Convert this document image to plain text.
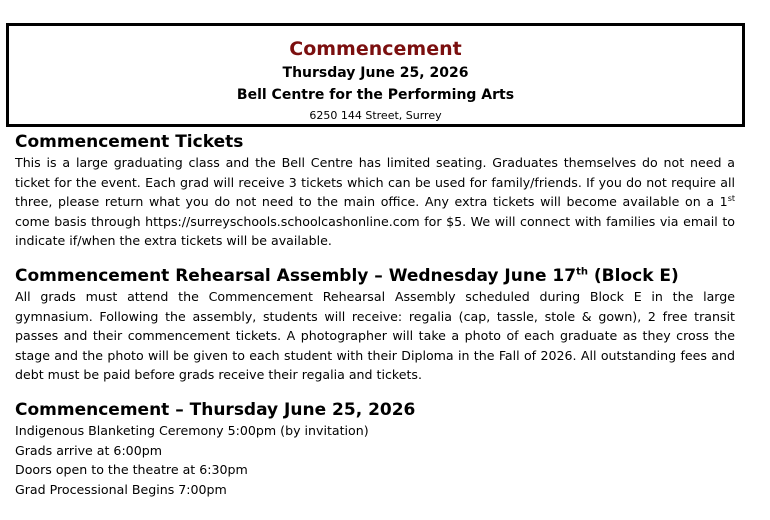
Commencement
Thursday June 25, 2026
Bell Centre for the Performing Arts
6250 144 Street, Surrey
Commencement Tickets

This is a large graduating class and the Bell Centre has limited seating. Graduates themselves do not need a ticket for the event. Each grad will receive 3 tickets which can be used for family/friends. If you do not require all three, please return what you do not need to the main office. Any extra tickets will become available on a 1st come basis through https://surreyschools.schoolcashonline.com for $5. We will connect with families via email to indicate if/when the extra tickets will be available.

Commencement Rehearsal Assembly – Wednesday June 17th (Block E)

All grads must attend the Commencement Rehearsal Assembly scheduled during Block E in the large gymnasium. Following the assembly, students will receive: regalia (cap, tassle, stole & gown), 2 free transit passes and their commencement tickets. A photographer will take a photo of each graduate as they cross the stage and the photo will be given to each student with their Diploma in the Fall of 2026. All outstanding fees and debt must be paid before grads receive their regalia and tickets.

Commencement – Thursday June 25, 2026

Indigenous Blanketing Ceremony 5:00pm (by invitation)

Grads arrive at 6:00pm

Doors open to the theatre at 6:30pm

Grad Processional Begins 7:00pm
